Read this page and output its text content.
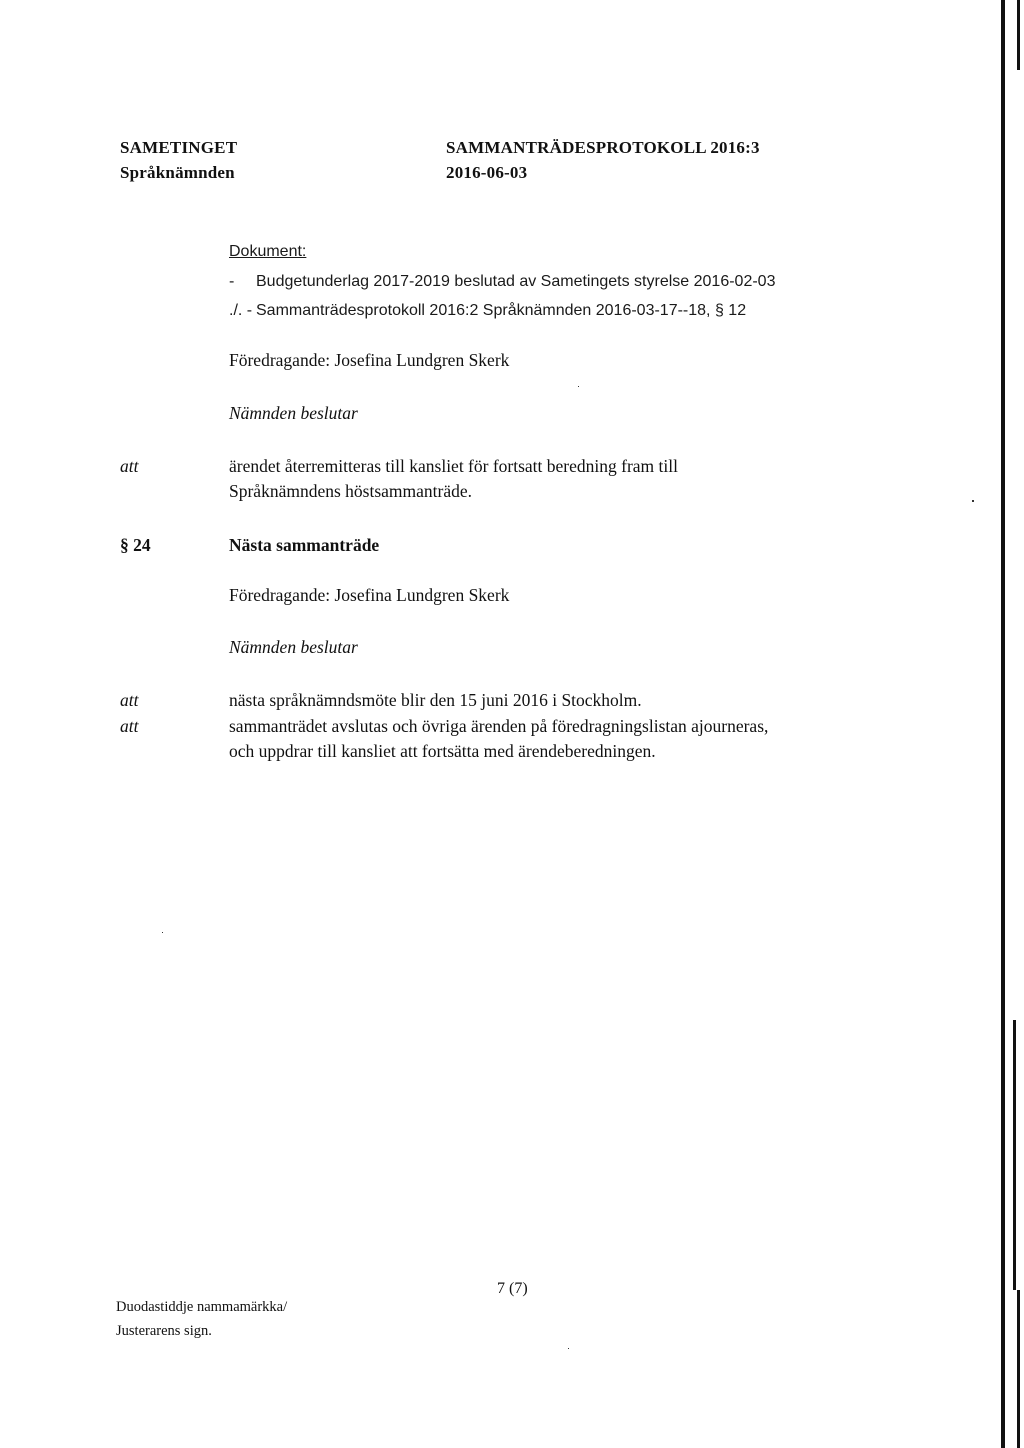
SAMETINGET
Språknämnden
SAMMANTRÄDESPROTOKOLL 2016:3
2016-06-03
Dokument:
- Budgetunderlag 2017-2019 beslutad av Sametingets styrelse 2016-02-03
./. - Sammanträdesprotokoll 2016:2 Språknämnden 2016-03-17--18, § 12
Föredragande: Josefina Lundgren Skerk
Nämnden beslutar
att	ärendet återremitteras till kansliet för fortsatt beredning fram till
Språknämndens höstsammanträde.
§ 24	Nästa sammanträde
Föredragande: Josefina Lundgren Skerk
Nämnden beslutar
att	nästa språknämndsmöte blir den 15 juni 2016 i Stockholm.
att	sammanträdet avslutas och övriga ärenden på föredragningslistan ajourneras,
och uppdrar till kansliet att fortsätta med ärendeberedningen.
7 (7)
Duodastiddje nammamärkka/
Justerarens sign.
